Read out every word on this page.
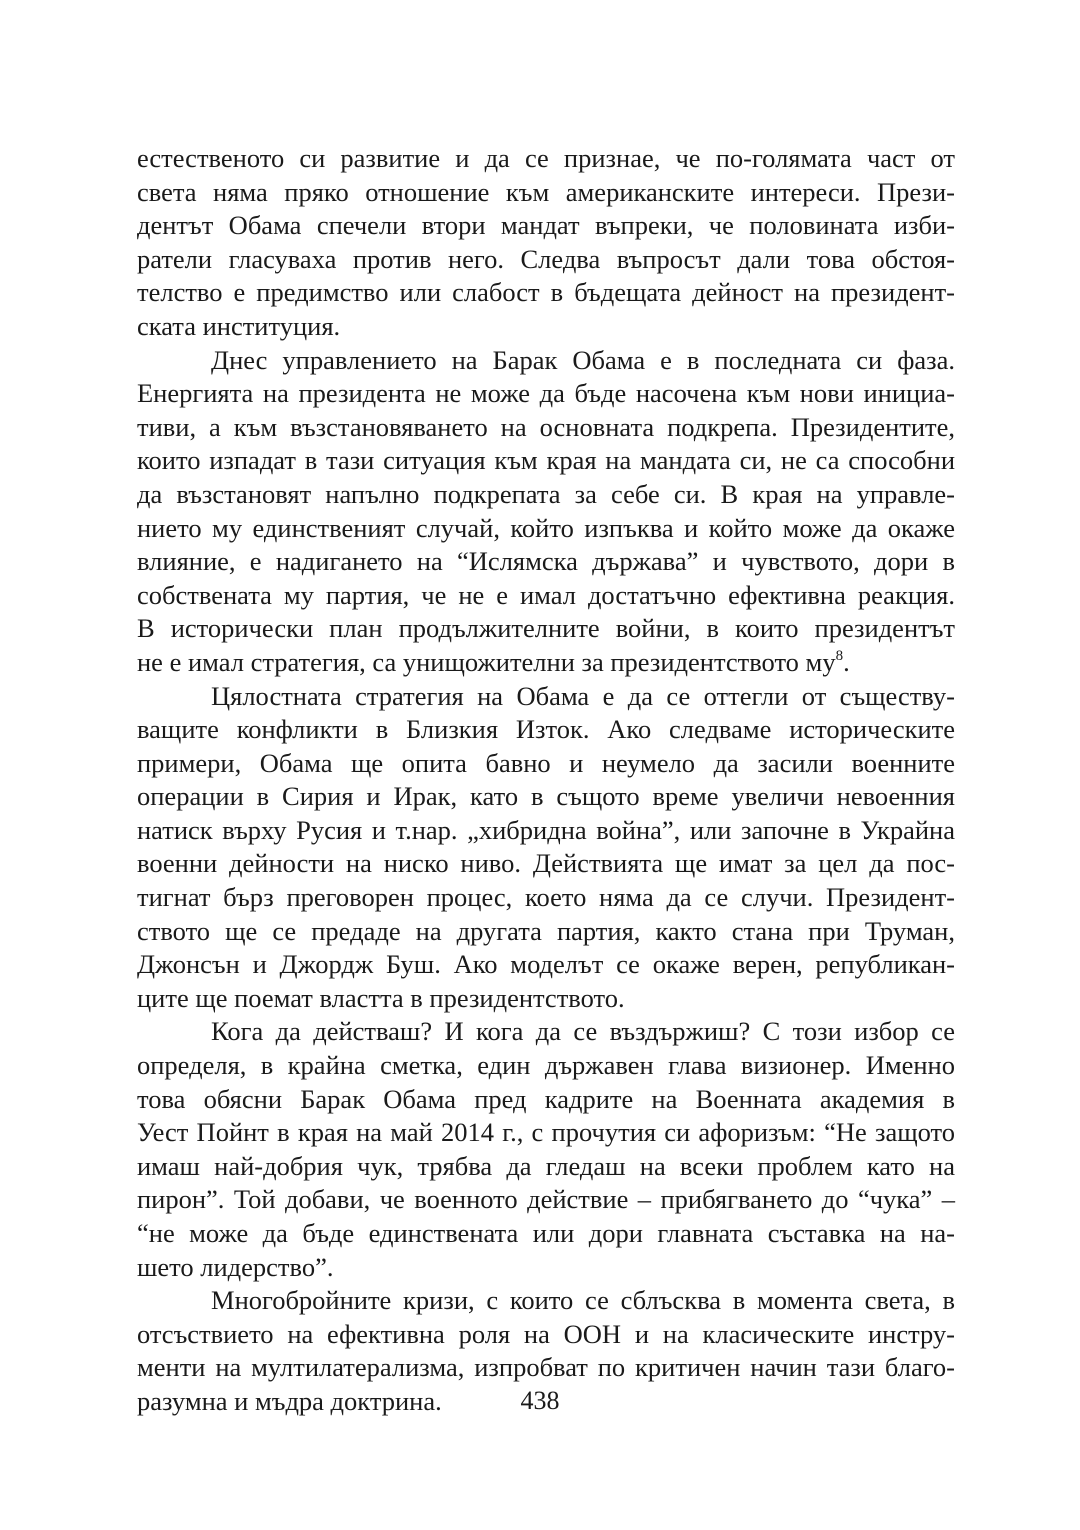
естественото си развитие и да се признае, че по-голямата част от
света няма пряко отношение към американските интереси. Прези-
дентът Обама спечели втори мандат въпреки, че половината изби-
ратели гласуваха против него. Следва въпросът дали това обстоя-
телство е предимство или слабост в бъдещата дейност на президент-
ската институция.
Днес управлението на Барак Обама е в последната си фаза.
Енергията на президента не може да бъде насочена към нови инициа-
тиви, а към възстановяването на основната подкрепа. Президентите,
които изпадат в тази ситуация към края на мандата си, не са способни
да възстановят напълно подкрепата за себе си. В края на управле-
нието му единственият случай, който изпъква и който може да окаже
влияние, е надигането на “Ислямска държава” и чувството, дори в
собствената му партия, че не е имал достатъчно ефективна реакция.
В исторически план продължителните войни, в които президентът
не е имал стратегия, са унищожителни за президентството му$^8$.
Цялостната стратегия на Обама е да се оттегли от съществу-
ващите конфликти в Близкия Изток. Ако следваме историческите
примери, Обама ще опита бавно и неумело да засили военните
операции в Сирия и Ирак, като в същото време увеличи невоенния
натиск върху Русия и т.нар. „хибридна война”, или започне в Украйна
военни дейности на ниско ниво. Действията ще имат за цел да пос-
тигнат бърз преговорен процес, което няма да се случи. Президент-
ството ще се предаде на другата партия, както стана при Труман,
Джонсън и Джордж Буш. Ако моделът се окаже верен, републикан-
ците ще поемат властта в президентството.
Кога да действаш? И кога да се въздържиш? С този избор се
определя, в крайна сметка, един държавен глава визионер. Именно
това обясни Барак Обама пред кадрите на Военната академия в
Уест Пойнт в края на май 2014 г., с прочутия си афоризъм: “Не защото
имаш най-добрия чук, трябва да гледаш на всеки проблем като на
пирон”. Той добави, че военното действие – прибягването до “чука” –
“не може да бъде единствената или дори главната съставка на на-
шето лидерство”.
Многобройните кризи, с които се сблъсква в момента света, в
отсъствието на ефективна роля на ООН и на класическите инстру-
менти на мултилатерализма, изпробват по критичен начин тази благо-
разумна и мъдра доктрина.	438
